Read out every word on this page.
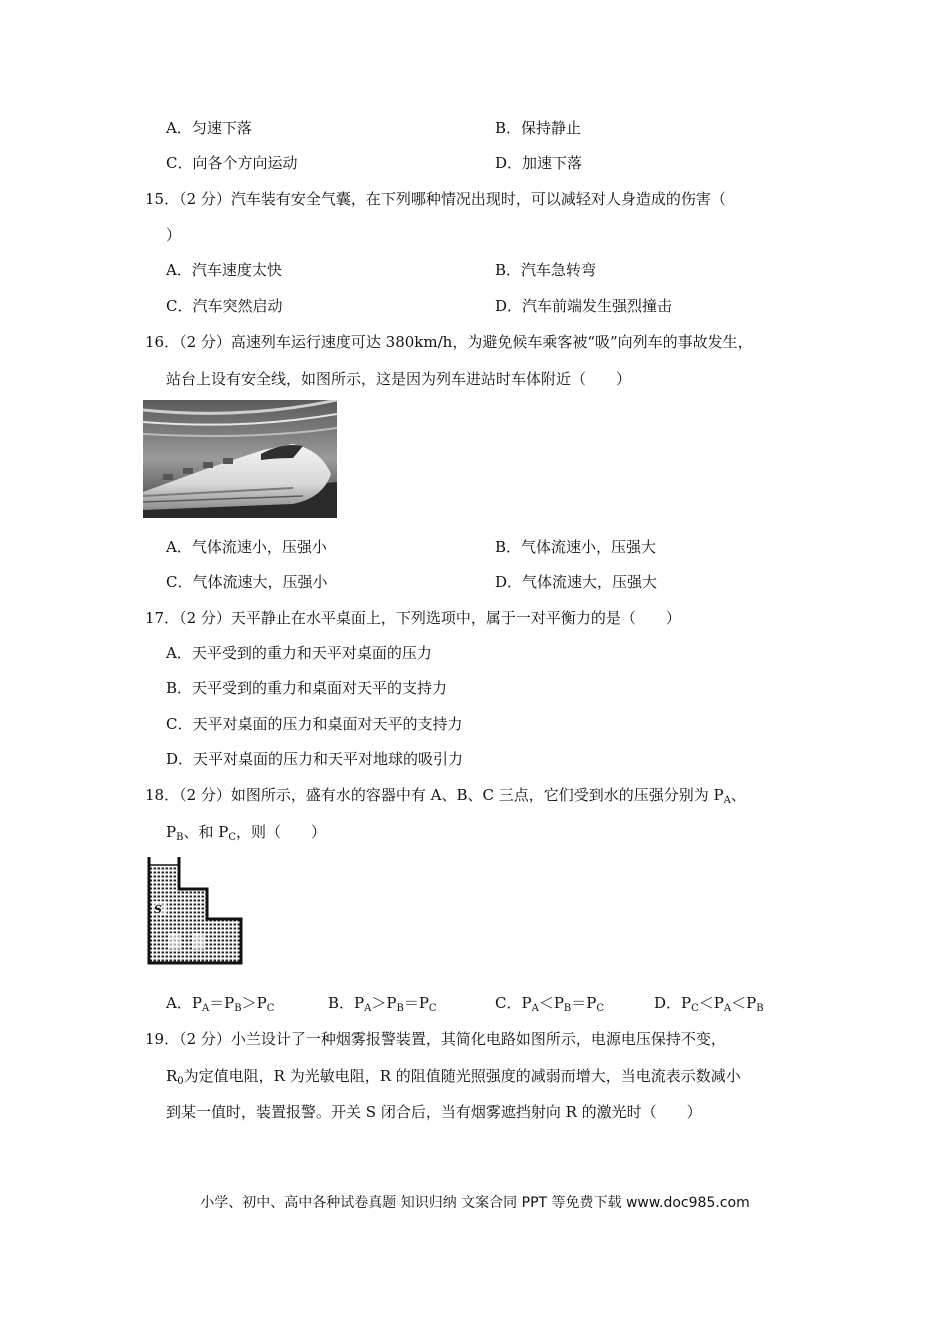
A．匀速下落	B．保持静止
C．向各个方向运动	D．加速下落
15．（2 分）汽车装有安全气囊，在下列哪种情况出现时，可以减轻对人身造成的伤害（
）
A．汽车速度太快	B．汽车急转弯
C．汽车突然启动	D．汽车前端发生强烈撞击
16．（2 分）高速列车运行速度可达 380km/h，为避免候车乘客被“吸”向列车的事故发生，
站台上设有安全线，如图所示，这是因为列车进站时车体附近（　　）
A．气体流速小，压强小	B．气体流速小，压强大
C．气体流速大，压强小	D．气体流速大，压强大
17．（2 分）天平静止在水平桌面上，下列选项中，属于一对平衡力的是（　　）
A．天平受到的重力和天平对桌面的压力
B．天平受到的重力和桌面对天平的支持力
C．天平对桌面的压力和桌面对天平的支持力
D．天平对桌面的压力和天平对地球的吸引力
18．（2 分）如图所示，盛有水的容器中有 A、B、C 三点，它们受到水的压强分别为 $P_A$、
$P_B$、和 $P_C$，则（　　）
S
A．$P_A=P_B>P_C$	B．$P_A>P_B=P_C$	C．$P_A<P_B=P_C$	D．$P_C<P_A<P_B$
19．（2 分）小兰设计了一种烟雾报警装置，其简化电路如图所示，电源电压保持不变，
$R_0$为定值电阻，R 为光敏电阻，R 的阻值随光照强度的减弱而增大，当电流表示数减小
到某一值时，装置报警。开关 S 闭合后，当有烟雾遮挡射向 R 的激光时（　　）
小学、初中、高中各种试卷真题 知识归纳 文案合同 PPT 等免费下载 www.doc985.com
